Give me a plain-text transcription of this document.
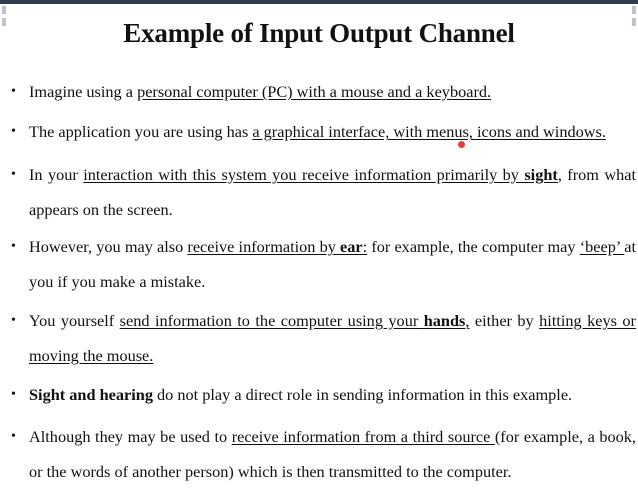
Example of Input Output Channel
• Imagine using a personal computer (PC) with a mouse and a keyboard.
• The application you are using has a graphical interface, with menus, icons and windows.
• In your interaction with this system you receive information primarily by sight, from what appears on the screen.
• However, you may also receive information by ear: for example, the computer may ‘beep’ at you if you make a mistake.
• You yourself send information to the computer using your hands, either by hitting keys or moving the mouse.
• Sight and hearing do not play a direct role in sending information in this example.
• Although they may be used to receive information from a third source (for example, a book, or the words of another person) which is then transmitted to the computer.
